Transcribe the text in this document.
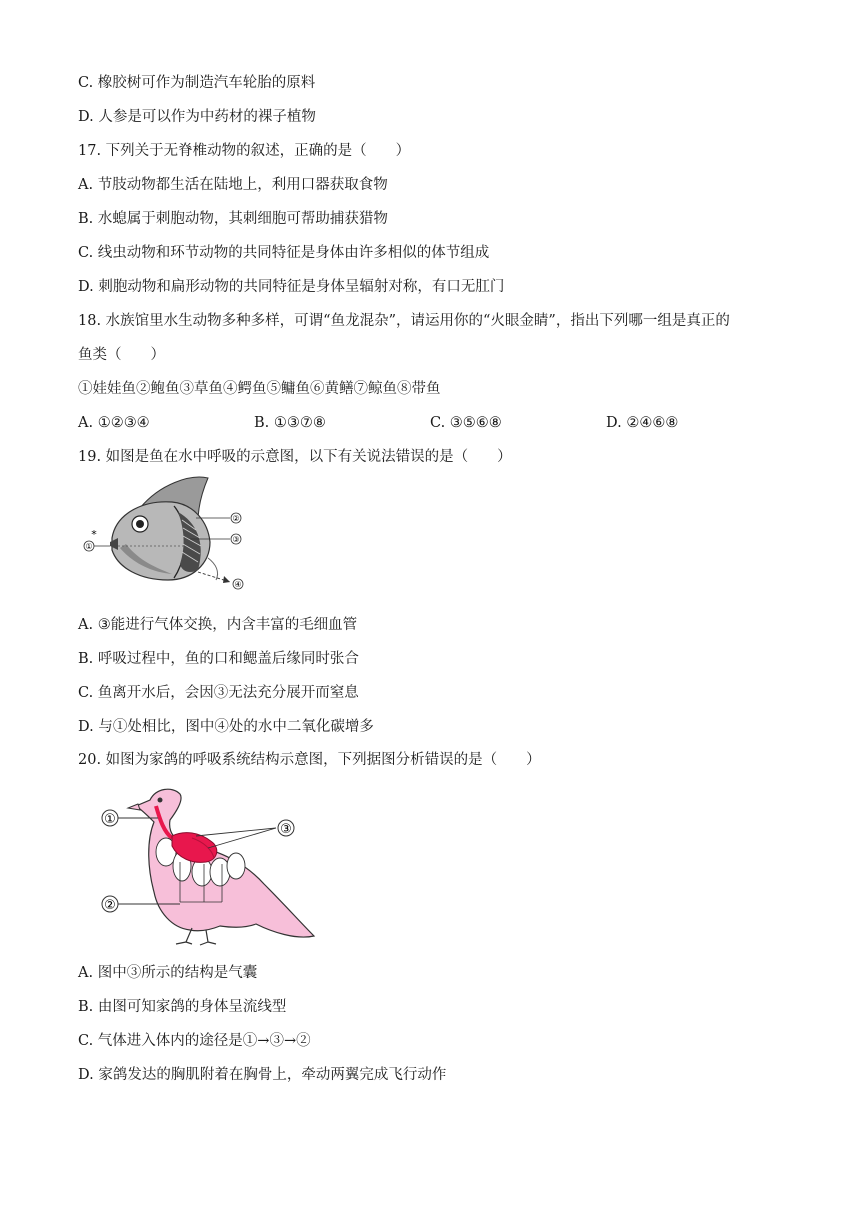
C. 橡胶树可作为制造汽车轮胎的原料
D. 人参是可以作为中药材的裸子植物
17. 下列关于无脊椎动物的叙述，正确的是（　　）
A. 节肢动物都生活在陆地上，利用口器获取食物
B. 水螅属于刺胞动物，其刺细胞可帮助捕获猎物
C. 线虫动物和环节动物的共同特征是身体由许多相似的体节组成
D. 刺胞动物和扁形动物的共同特征是身体呈辐射对称，有口无肛门
18. 水族馆里水生动物多种多样，可谓“鱼龙混杂”，请运用你的“火眼金睛”，指出下列哪一组是真正的
鱼类（　　）
①娃娃鱼②鲍鱼③草鱼④鳄鱼⑤鳙鱼⑥黄鳝⑦鲸鱼⑧带鱼
A. ①②③④	B. ①③⑦⑧	C. ③⑤⑥⑧	D. ②④⑥⑧
19. 如图是鱼在水中呼吸的示意图，以下有关说法错误的是（　　）
①
②
③
④
*
A. ③能进行气体交换，内含丰富的毛细血管
B. 呼吸过程中，鱼的口和鳃盖后缘同时张合
C. 鱼离开水后，会因③无法充分展开而窒息
D. 与①处相比，图中④处的水中二氧化碳增多
20. 如图为家鸽的呼吸系统结构示意图，下列据图分析错误的是（　　）
①
②
③
A. 图中③所示的结构是气囊
B. 由图可知家鸽的身体呈流线型
C. 气体进入体内的途径是①→③→②
D. 家鸽发达的胸肌附着在胸骨上，牵动两翼完成飞行动作
